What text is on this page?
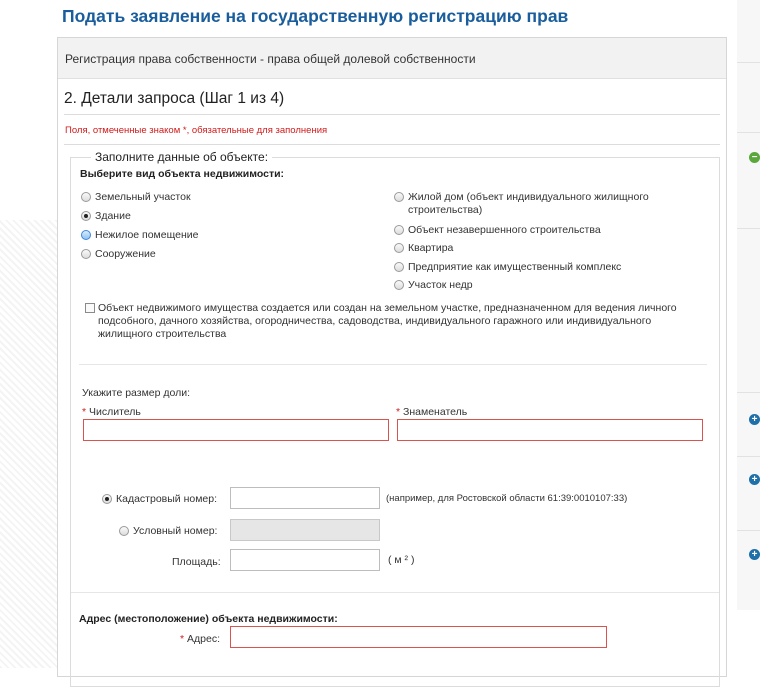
Подать заявление на государственную регистрацию прав
−
+
+
+
Регистрация права собственности - права общей долевой собственности
2. Детали запроса (Шаг 1 из 4)
Поля, отмеченные знаком *, обязательные для заполнения
Заполните данные об объекте:
Выберите вид объекта недвижимости:
Земельный участок
Здание
Нежилое помещение
Сооружение
Жилой дом (объект индивидуального жилищного строительства)
Объект незавершенного строительства
Квартира
Предприятие как имущественный комплекс
Участок недр
Объект недвижимого имущества создается или создан на земельном участке, предназначенном для ведения личного подсобного, дачного хозяйства, огородничества, садоводства, индивидуального гаражного или индивидуального жилищного строительства
Укажите размер доли:
* Числитель	* Знаменатель
Кадастровый номер:	(например, для Ростовской области 61:39:0010107:33)
Условный номер:
Площадь:	( м ² )
Адрес (местоположение) объекта недвижимости:
* Адрес:
